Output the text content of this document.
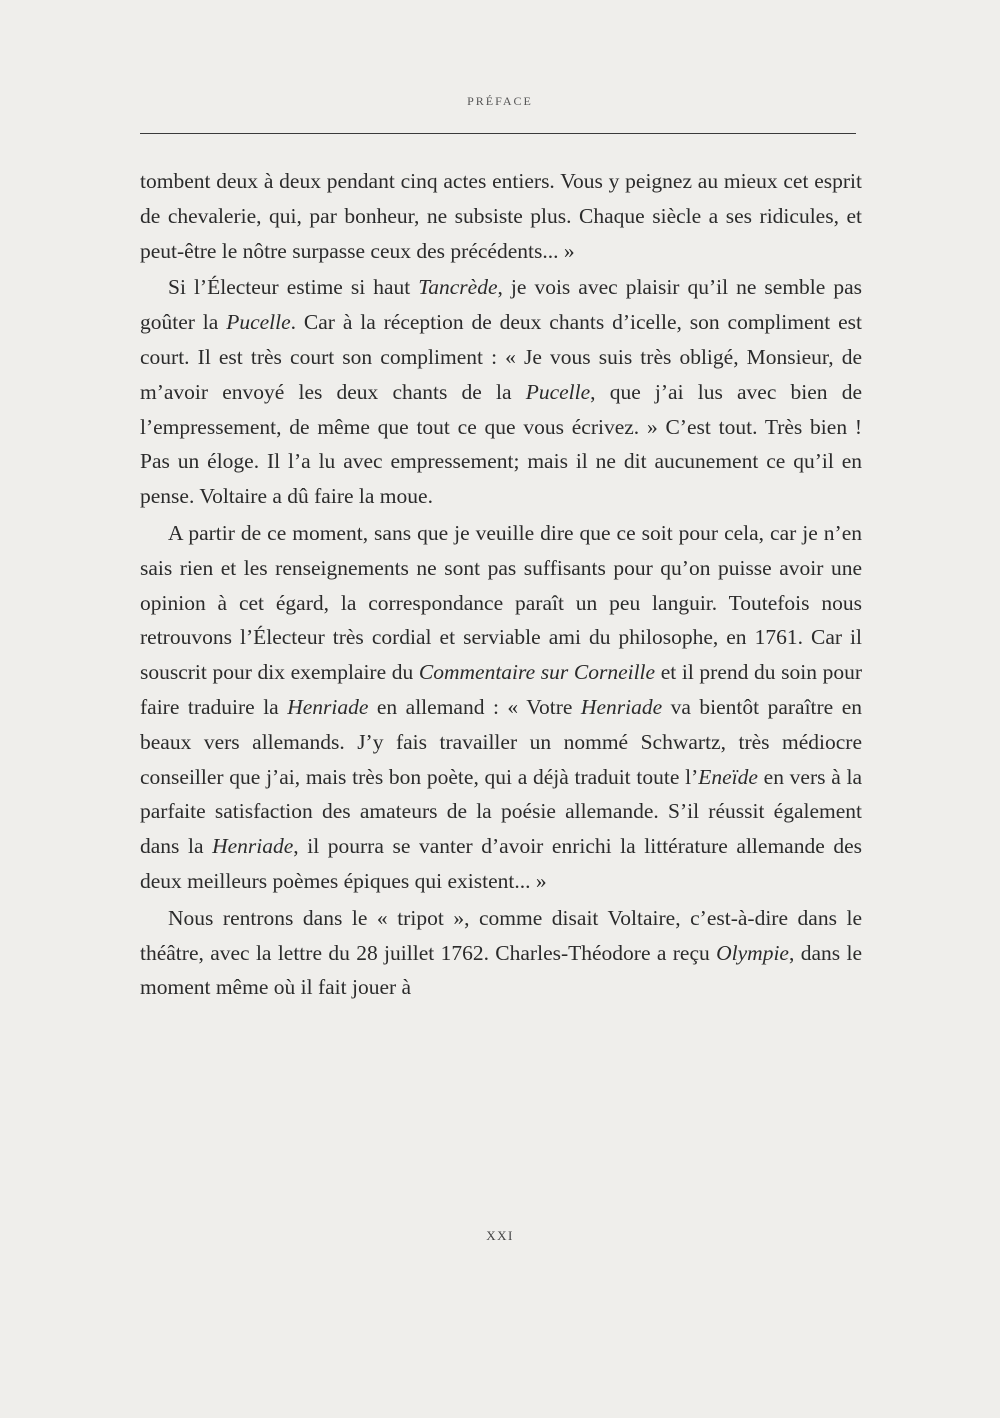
PRÉFACE

tombent deux à deux pendant cinq actes entiers. Vous y peignez au mieux cet esprit de chevalerie, qui, par bonheur, ne subsiste plus. Chaque siècle a ses ridicules, et peut-être le nôtre surpasse ceux des précédents... »

Si l’Électeur estime si haut Tancrède, je vois avec plaisir qu’il ne semble pas goûter la Pucelle. Car à la réception de deux chants d’icelle, son compliment est court. Il est très court son compliment : « Je vous suis très obligé, Monsieur, de m’avoir envoyé les deux chants de la Pucelle, que j’ai lus avec bien de l’empressement, de même que tout ce que vous écrivez. » C’est tout. Très bien ! Pas un éloge. Il l’a lu avec empressement; mais il ne dit aucunement ce qu’il en pense. Voltaire a dû faire la moue.

A partir de ce moment, sans que je veuille dire que ce soit pour cela, car je n’en sais rien et les renseignements ne sont pas suffisants pour qu’on puisse avoir une opinion à cet égard, la correspondance paraît un peu languir. Toutefois nous retrouvons l’Électeur très cordial et serviable ami du philosophe, en 1761. Car il souscrit pour dix exemplaire du Commentaire sur Corneille et il prend du soin pour faire traduire la Henriade en allemand : « Votre Henriade va bientôt paraître en beaux vers allemands. J’y fais travailler un nommé Schwartz, très médiocre conseiller que j’ai, mais très bon poète, qui a déjà traduit toute l’Eneïde en vers à la parfaite satisfaction des amateurs de la poésie allemande. S’il réussit également dans la Henriade, il pourra se vanter d’avoir enrichi la littérature allemande des deux meilleurs poèmes épiques qui existent... »

Nous rentrons dans le « tripot », comme disait Voltaire, c’est-à-dire dans le théâtre, avec la lettre du 28 juillet 1762. Charles-Théodore a reçu Olympie, dans le moment même où il fait jouer à

XXI
